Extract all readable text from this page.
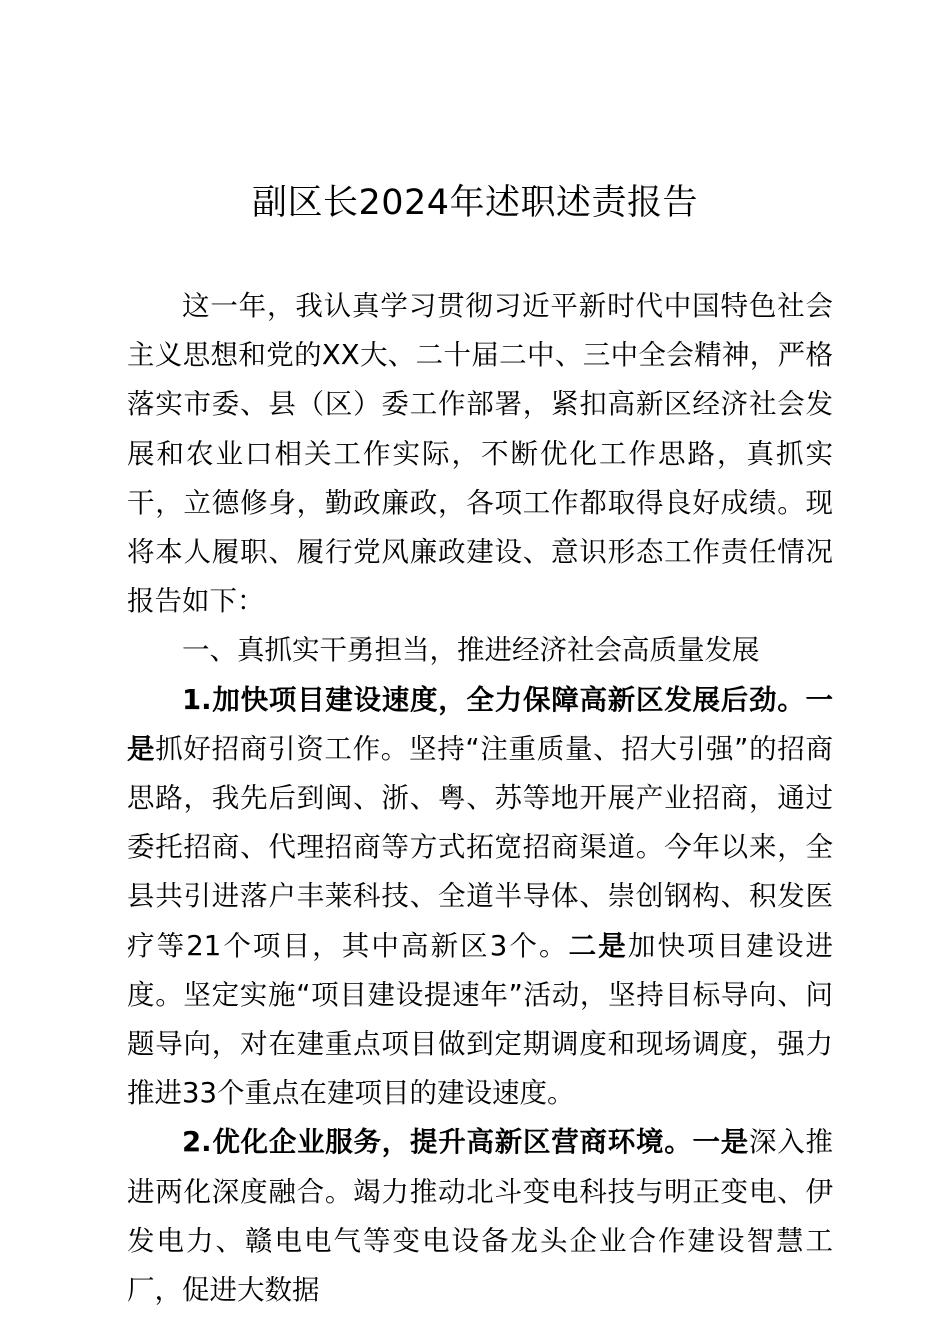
副区长2024年述职述责报告

这一年，我认真学习贯彻习近平新时代中国特色社会主义思想和党的XX大、二十届二中、三中全会精神，严格落实市委、县（区）委工作部署，紧扣高新区经济社会发展和农业口相关工作实际，不断优化工作思路，真抓实干，立德修身，勤政廉政，各项工作都取得良好成绩。现将本人履职、履行党风廉政建设、意识形态工作责任情况报告如下：

一、真抓实干勇担当，推进经济社会高质量发展

1.加快项目建设速度，全力保障高新区发展后劲。一是抓好招商引资工作。坚持“注重质量、招大引强”的招商思路，我先后到闽、浙、粤、苏等地开展产业招商，通过委托招商、代理招商等方式拓宽招商渠道。今年以来，全县共引进落户丰莱科技、全道半导体、崇创钢构、积发医疗等21个项目，其中高新区3个。二是加快项目建设进度。坚定实施“项目建设提速年”活动，坚持目标导向、问题导向，对在建重点项目做到定期调度和现场调度，强力推进33个重点在建项目的建设速度。

2.优化企业服务，提升高新区营商环境。一是深入推进两化深度融合。竭力推动北斗变电科技与明正变电、伊发电力、赣电电气等变电设备龙头企业合作建设智慧工厂，促进大数据
